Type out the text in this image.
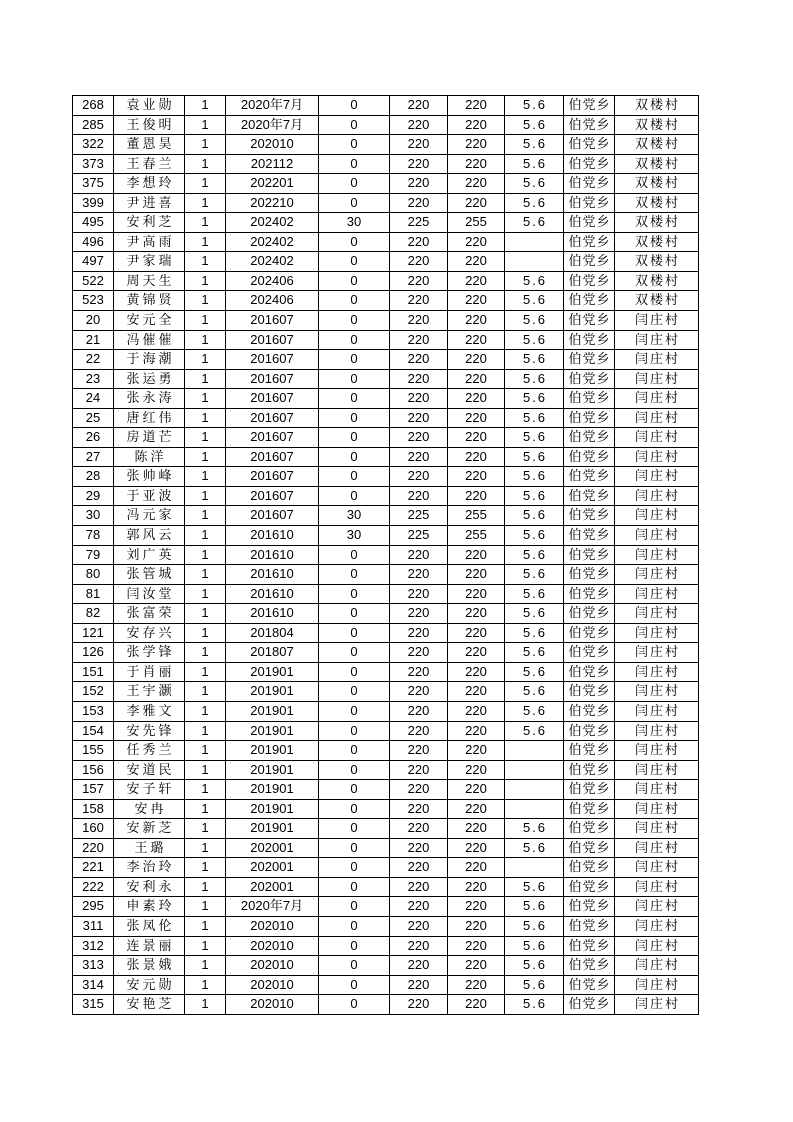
268	袁业勋	1	2020年7月	0	220	220	5.6	伯党乡	双楼村
285	王俊明	1	2020年7月	0	220	220	5.6	伯党乡	双楼村
322	董恩昊	1	202010	0	220	220	5.6	伯党乡	双楼村
373	王春兰	1	202112	0	220	220	5.6	伯党乡	双楼村
375	李想玲	1	202201	0	220	220	5.6	伯党乡	双楼村
399	尹进喜	1	202210	0	220	220	5.6	伯党乡	双楼村
495	安利芝	1	202402	30	225	255	5.6	伯党乡	双楼村
496	尹高雨	1	202402	0	220	220		伯党乡	双楼村
497	尹家瑞	1	202402	0	220	220		伯党乡	双楼村
522	周天生	1	202406	0	220	220	5.6	伯党乡	双楼村
523	黄锦贤	1	202406	0	220	220	5.6	伯党乡	双楼村
20	安元全	1	201607	0	220	220	5.6	伯党乡	闫庄村
21	冯催催	1	201607	0	220	220	5.6	伯党乡	闫庄村
22	于海潮	1	201607	0	220	220	5.6	伯党乡	闫庄村
23	张运勇	1	201607	0	220	220	5.6	伯党乡	闫庄村
24	张永涛	1	201607	0	220	220	5.6	伯党乡	闫庄村
25	唐红伟	1	201607	0	220	220	5.6	伯党乡	闫庄村
26	房道芒	1	201607	0	220	220	5.6	伯党乡	闫庄村
27	陈洋	1	201607	0	220	220	5.6	伯党乡	闫庄村
28	张帅峰	1	201607	0	220	220	5.6	伯党乡	闫庄村
29	于亚波	1	201607	0	220	220	5.6	伯党乡	闫庄村
30	冯元家	1	201607	30	225	255	5.6	伯党乡	闫庄村
78	郭风云	1	201610	30	225	255	5.6	伯党乡	闫庄村
79	刘广英	1	201610	0	220	220	5.6	伯党乡	闫庄村
80	张管城	1	201610	0	220	220	5.6	伯党乡	闫庄村
81	闫汝堂	1	201610	0	220	220	5.6	伯党乡	闫庄村
82	张富荣	1	201610	0	220	220	5.6	伯党乡	闫庄村
121	安存兴	1	201804	0	220	220	5.6	伯党乡	闫庄村
126	张学锋	1	201807	0	220	220	5.6	伯党乡	闫庄村
151	于肖丽	1	201901	0	220	220	5.6	伯党乡	闫庄村
152	王宇灏	1	201901	0	220	220	5.6	伯党乡	闫庄村
153	李雅文	1	201901	0	220	220	5.6	伯党乡	闫庄村
154	安先锋	1	201901	0	220	220	5.6	伯党乡	闫庄村
155	任秀兰	1	201901	0	220	220		伯党乡	闫庄村
156	安道民	1	201901	0	220	220		伯党乡	闫庄村
157	安子轩	1	201901	0	220	220		伯党乡	闫庄村
158	安冉	1	201901	0	220	220		伯党乡	闫庄村
160	安新芝	1	201901	0	220	220	5.6	伯党乡	闫庄村
220	王璐	1	202001	0	220	220	5.6	伯党乡	闫庄村
221	李治玲	1	202001	0	220	220		伯党乡	闫庄村
222	安利永	1	202001	0	220	220	5.6	伯党乡	闫庄村
295	申素玲	1	2020年7月	0	220	220	5.6	伯党乡	闫庄村
311	张凤伦	1	202010	0	220	220	5.6	伯党乡	闫庄村
312	连景丽	1	202010	0	220	220	5.6	伯党乡	闫庄村
313	张景娥	1	202010	0	220	220	5.6	伯党乡	闫庄村
314	安元勋	1	202010	0	220	220	5.6	伯党乡	闫庄村
315	安艳芝	1	202010	0	220	220	5.6	伯党乡	闫庄村
